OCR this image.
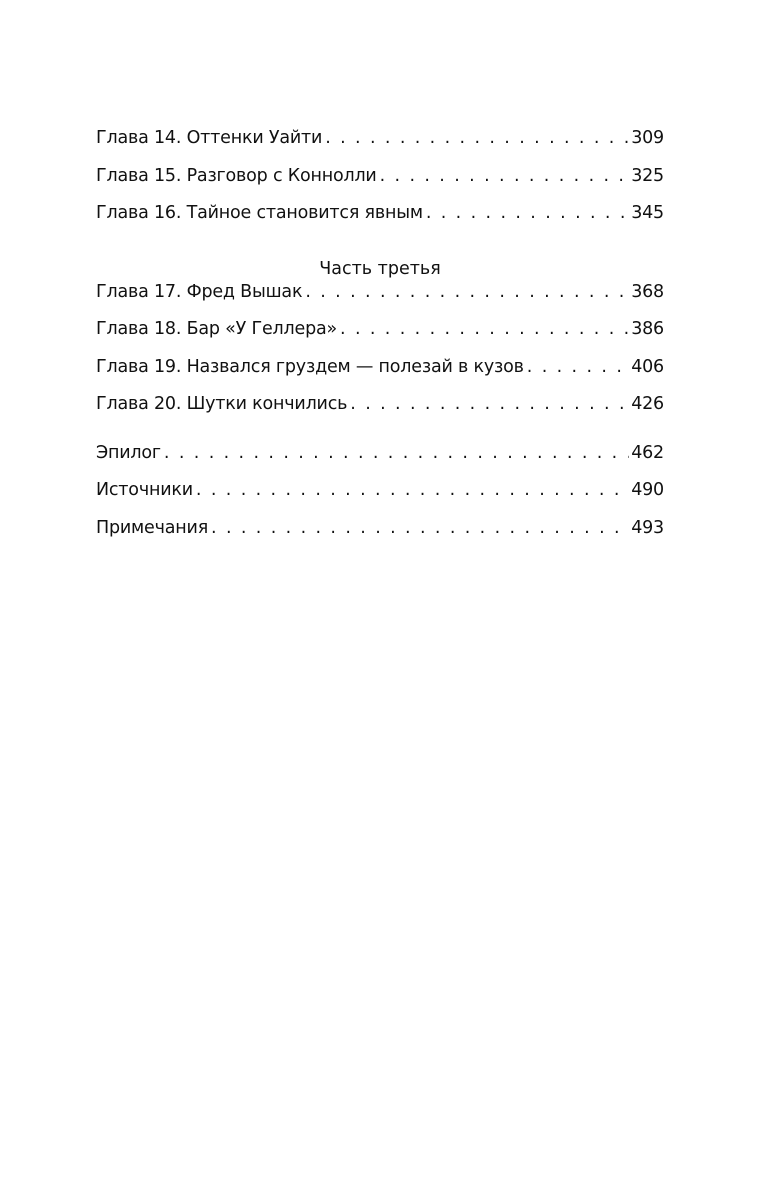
Глава 14. Оттенки Уайти . . .	309
Глава 15. Разговор с Коннолли . . .	325
Глава 16. Тайное становится явным . . .	345
Часть третья
Глава 17. Фред Вышак . . .	368
Глава 18. Бар «У Геллера» . . .	386
Глава 19. Назвался груздем — полезай в кузов . . .	406
Глава 20. Шутки кончились . . .	426
Эпилог . . .	462
Источники . . .	490
Примечания . . .	493
